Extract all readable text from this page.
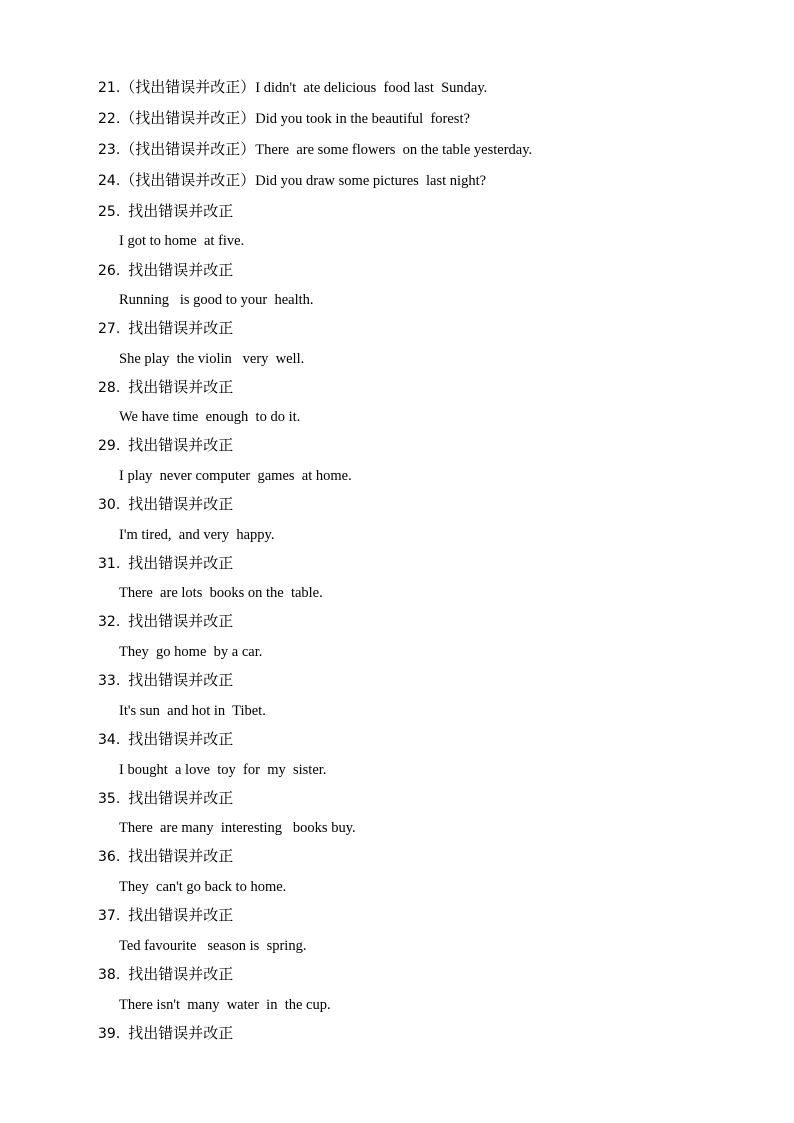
21.（找出错误并改正）I didn't  ate delicious  food last  Sunday.
22.（找出错误并改正）Did you took in the beautiful  forest?
23.（找出错误并改正）There  are some flowers  on the table yesterday.
24.（找出错误并改正）Did you draw some pictures  last night?
25. 找出错误并改正
I got to home  at five.
26. 找出错误并改正
Running   is good to your  health.
27. 找出错误并改正
She play  the violin   very  well.
28. 找出错误并改正
We have time  enough  to do it.
29. 找出错误并改正
I play  never computer  games  at home.
30. 找出错误并改正
I'm tired,  and very  happy.
31. 找出错误并改正
There  are lots  books on the  table.
32. 找出错误并改正
They  go home  by a car.
33. 找出错误并改正
It's sun  and hot in  Tibet.
34. 找出错误并改正
I bought  a love  toy  for  my  sister.
35. 找出错误并改正
There  are many  interesting   books buy.
36. 找出错误并改正
They  can't go back to home.
37. 找出错误并改正
Ted favourite   season is  spring.
38. 找出错误并改正
There isn't  many  water  in  the cup.
39. 找出错误并改正
